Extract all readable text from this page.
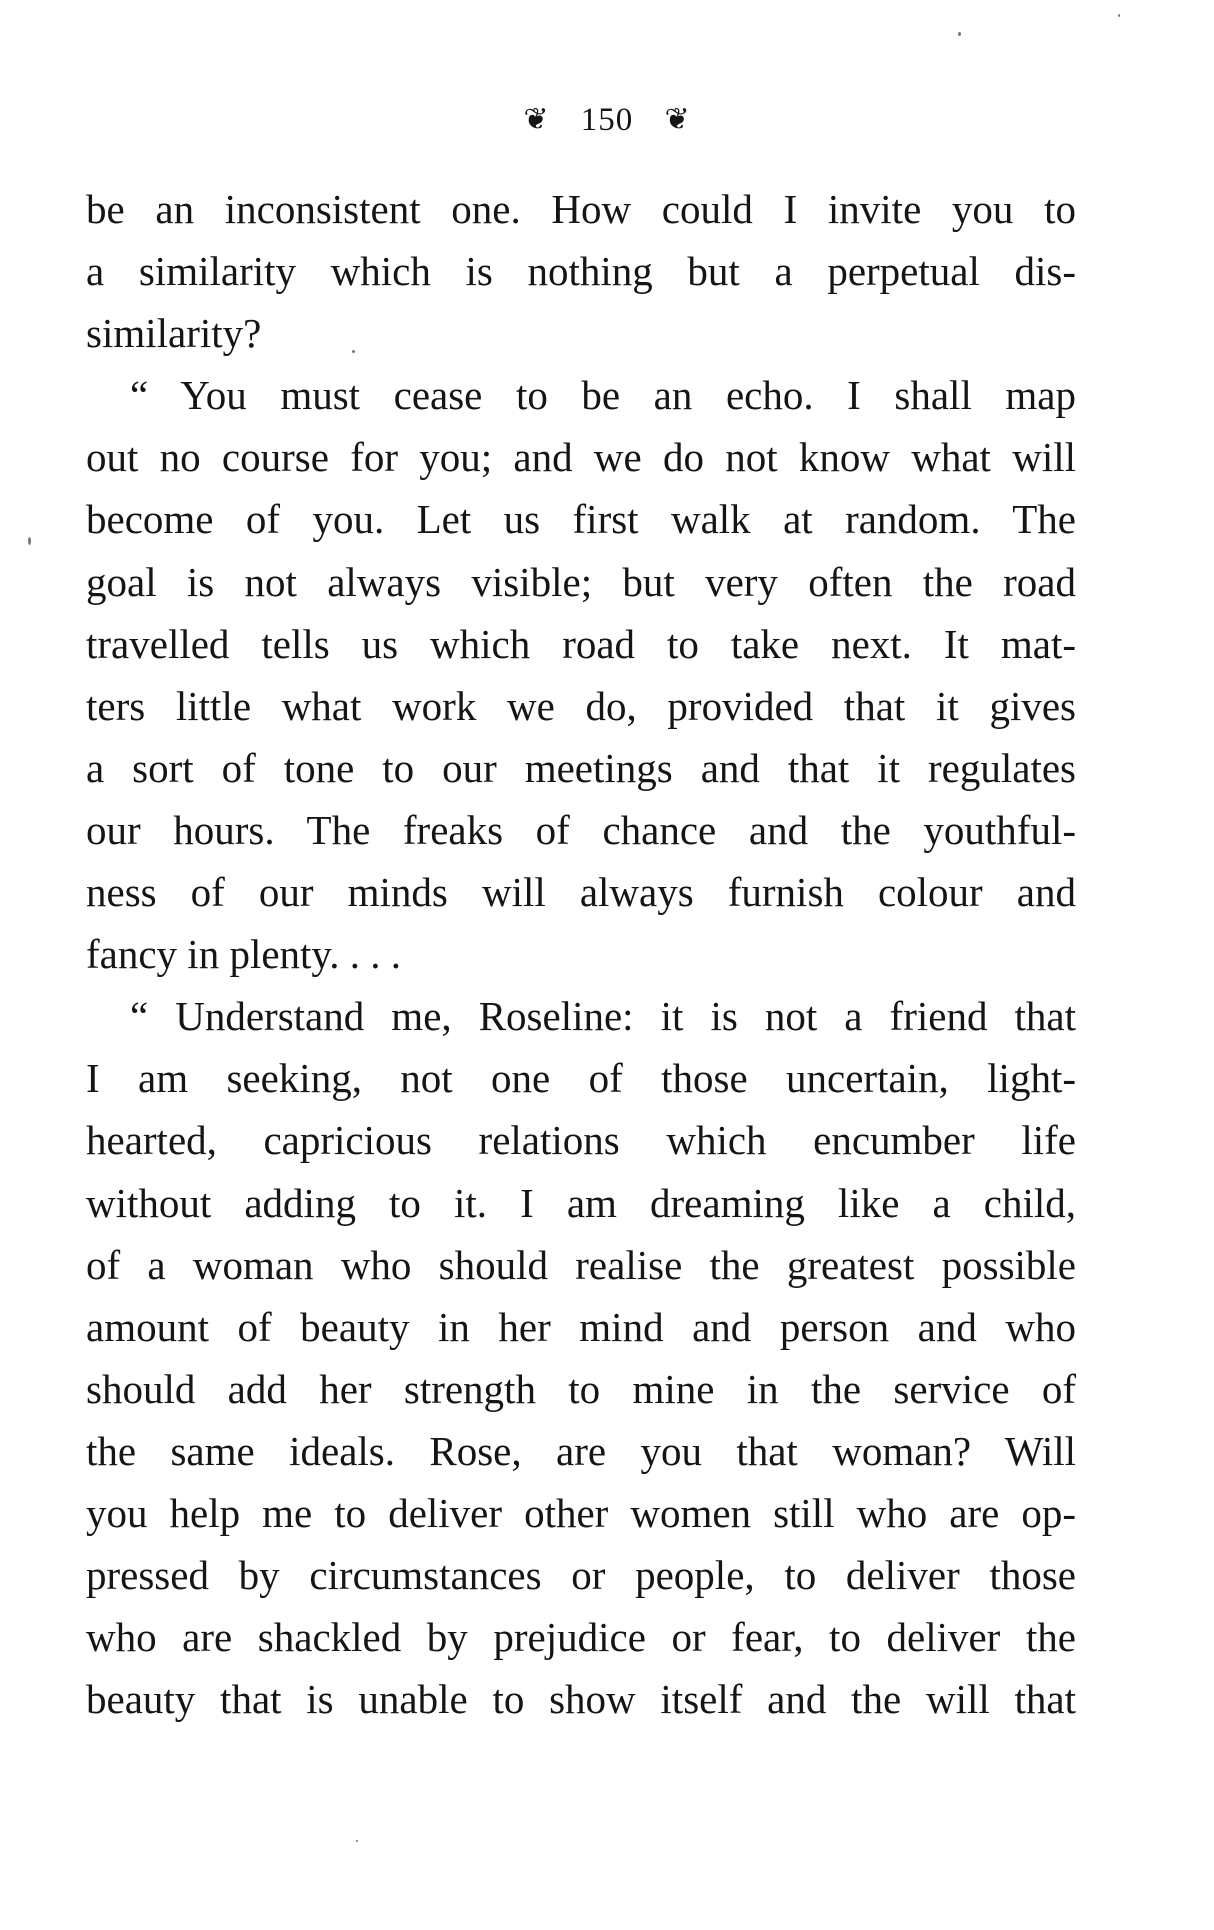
❦ 150 ❦
be an inconsistent one. How could I invite you to
a similarity which is nothing but a perpetual dis-
similarity?
“ You must cease to be an echo. I shall map
out no course for you; and we do not know what will
become of you. Let us first walk at random. The
goal is not always visible; but very often the road
travelled tells us which road to take next. It mat-
ters little what work we do, provided that it gives
a sort of tone to our meetings and that it regulates
our hours. The freaks of chance and the youthful-
ness of our minds will always furnish colour and
fancy in plenty. . . .
“ Understand me, Roseline: it is not a friend that
I am seeking, not one of those uncertain, light-
hearted, capricious relations which encumber life
without adding to it. I am dreaming like a child,
of a woman who should realise the greatest possible
amount of beauty in her mind and person and who
should add her strength to mine in the service of
the same ideals. Rose, are you that woman? Will
you help me to deliver other women still who are op-
pressed by circumstances or people, to deliver those
who are shackled by prejudice or fear, to deliver the
beauty that is unable to show itself and the will that
